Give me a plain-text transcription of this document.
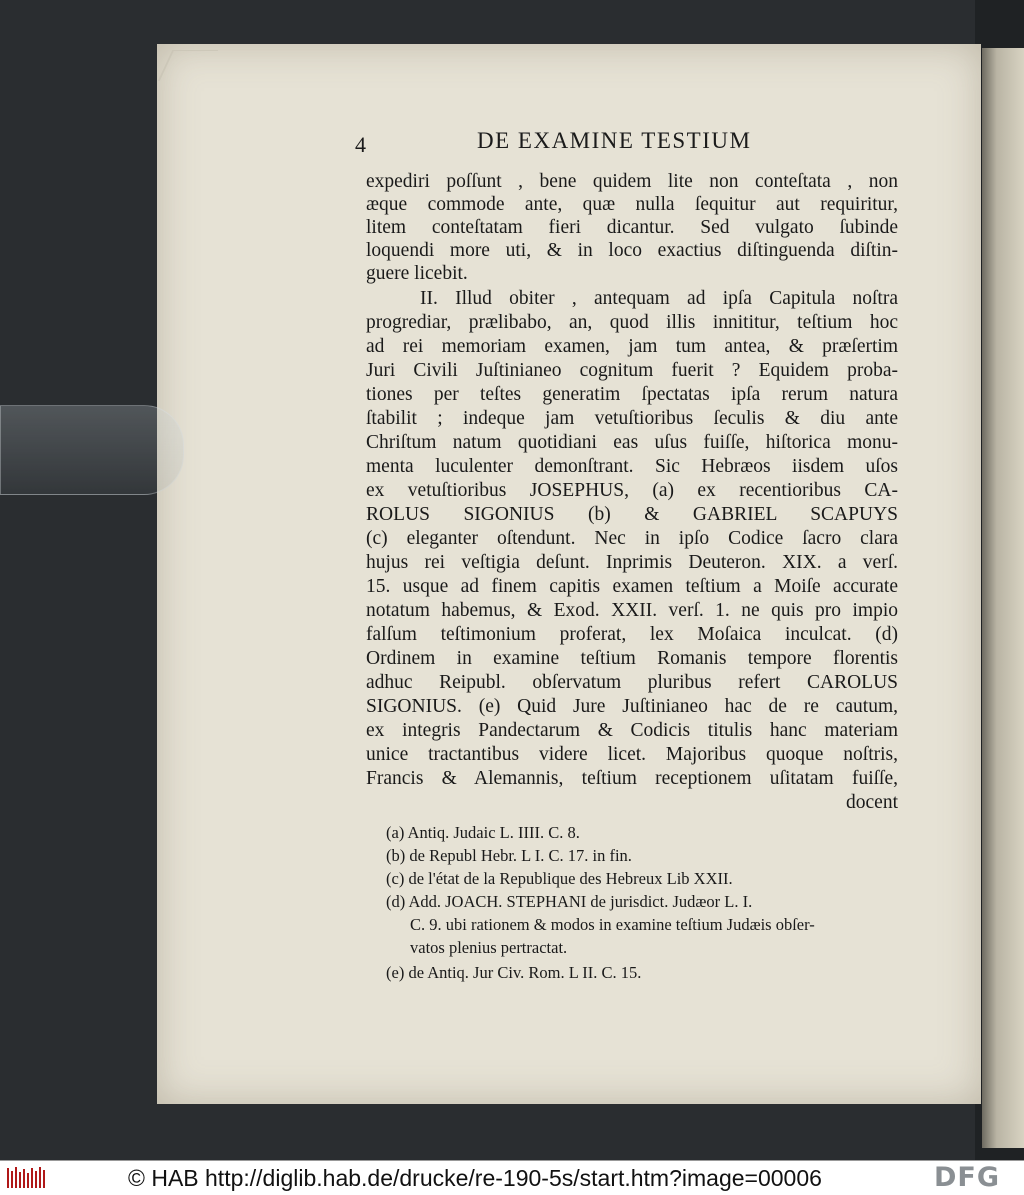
4	DE EXAMINE TESTIUM
expediri poſſunt , bene quidem lite non conteſtata , non
æque commode ante, quæ nulla ſequitur aut requiritur,
litem conteſtatam fieri dicantur. Sed vulgato ſubinde
loquendi more uti, & in loco exactius diſtinguenda diſtin-
guere licebit.
II. Illud obiter , antequam ad ipſa Capitula noſtra
progrediar, prælibabo, an, quod illis innititur, teſtium hoc
ad rei memoriam examen, jam tum antea, & præſertim
Juri Civili Juſtinianeo cognitum fuerit ? Equidem proba-
tiones per teſtes generatim ſpectatas ipſa rerum natura
ſtabilit ; indeque jam vetuſtioribus ſeculis & diu ante
Chriſtum natum quotidiani eas uſus fuiſſe, hiſtorica monu-
menta luculenter demonſtrant. Sic Hebræos iisdem uſos
ex vetuſtioribus JOSEPHUS, (a) ex recentioribus CA-
ROLUS SIGONIUS (b) & GABRIEL SCAPUYS
(c) eleganter oſtendunt. Nec in ipſo Codice ſacro clara
hujus rei veſtigia deſunt. Inprimis Deuteron. XIX. a verſ.
15. usque ad finem capitis examen teſtium a Moiſe accurate
notatum habemus, & Exod. XXII. verſ. 1. ne quis pro impio
falſum teſtimonium proferat, lex Moſaica inculcat. (d)
Ordinem in examine teſtium Romanis tempore florentis
adhuc Reipubl. obſervatum pluribus refert CAROLUS
SIGONIUS. (e) Quid Jure Juſtinianeo hac de re cautum,
ex integris Pandectarum & Codicis titulis hanc materiam
unice tractantibus videre licet. Majoribus quoque noſtris,
Francis & Alemannis, teſtium receptionem uſitatam fuiſſe,
docent
(a) Antiq. Judaic L. IIII. C. 8.
(b) de Republ Hebr. L I. C. 17. in fin.
(c) de l'état de la Republique des Hebreux Lib XXII.
(d) Add. JOACH. STEPHANI de jurisdict. Judæor L. I.
C. 9. ubi rationem & modos in examine teſtium Judæis obſer-
vatos plenius pertractat.
(e) de Antiq. Jur Civ. Rom. L II. C. 15.
© HAB http://diglib.hab.de/drucke/re-190-5s/start.htm?image=00006	DFG
